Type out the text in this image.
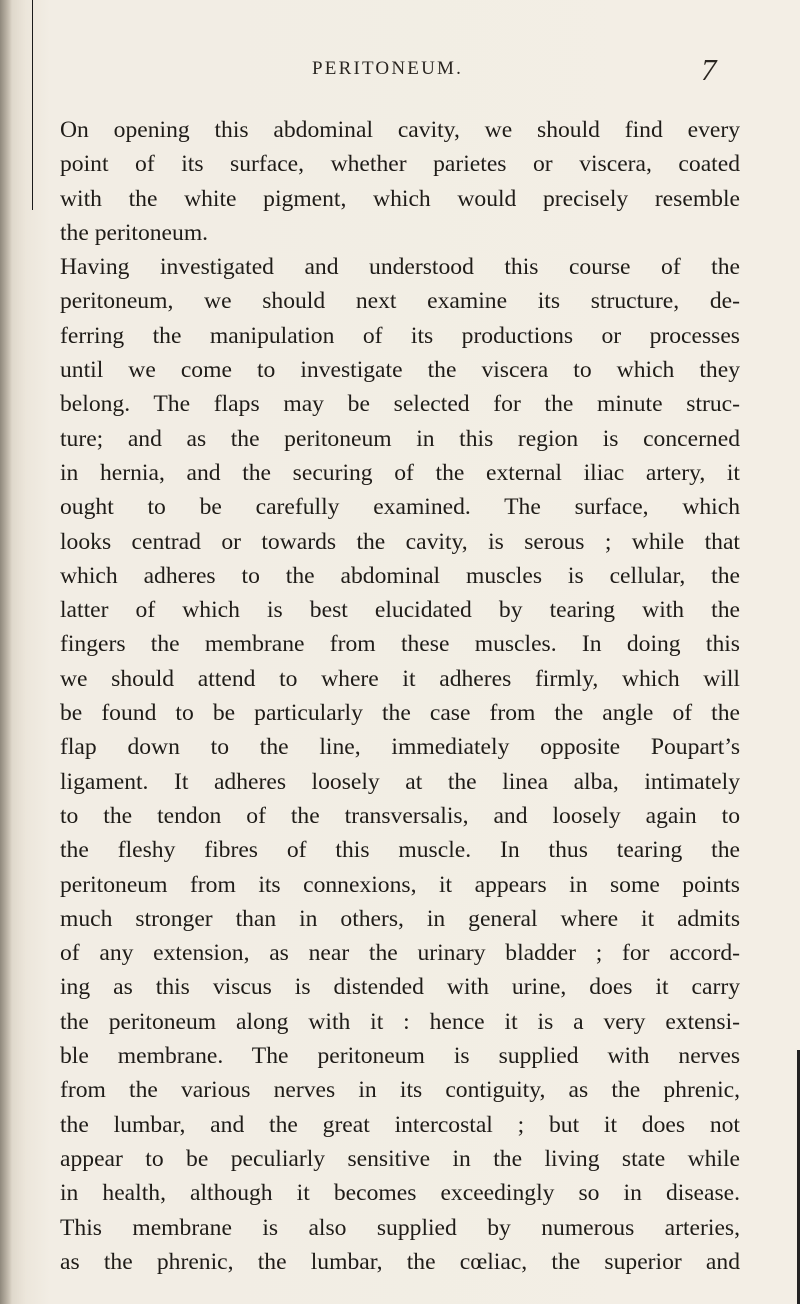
PERITONEUM.	7
On opening this abdominal cavity, we should find every
point of its surface, whether parietes or viscera, coated
with the white pigment, which would precisely resemble
the peritoneum.
Having investigated and understood this course of the
peritoneum, we should next examine its structure, de-
ferring the manipulation of its productions or processes
until we come to investigate the viscera to which they
belong. The flaps may be selected for the minute struc-
ture; and as the peritoneum in this region is concerned
in hernia, and the securing of the external iliac artery, it
ought to be carefully examined. The surface, which
looks centrad or towards the cavity, is serous ; while that
which adheres to the abdominal muscles is cellular, the
latter of which is best elucidated by tearing with the
fingers the membrane from these muscles. In doing this
we should attend to where it adheres firmly, which will
be found to be particularly the case from the angle of the
flap down to the line, immediately opposite Poupart’s
ligament. It adheres loosely at the linea alba, intimately
to the tendon of the transversalis, and loosely again to
the fleshy fibres of this muscle. In thus tearing the
peritoneum from its connexions, it appears in some points
much stronger than in others, in general where it admits
of any extension, as near the urinary bladder ; for accord-
ing as this viscus is distended with urine, does it carry
the peritoneum along with it : hence it is a very extensi-
ble membrane. The peritoneum is supplied with nerves
from the various nerves in its contiguity, as the phrenic,
the lumbar, and the great intercostal ; but it does not
appear to be peculiarly sensitive in the living state while
in health, although it becomes exceedingly so in disease.
This membrane is also supplied by numerous arteries,
as the phrenic, the lumbar, the cœliac, the superior and
